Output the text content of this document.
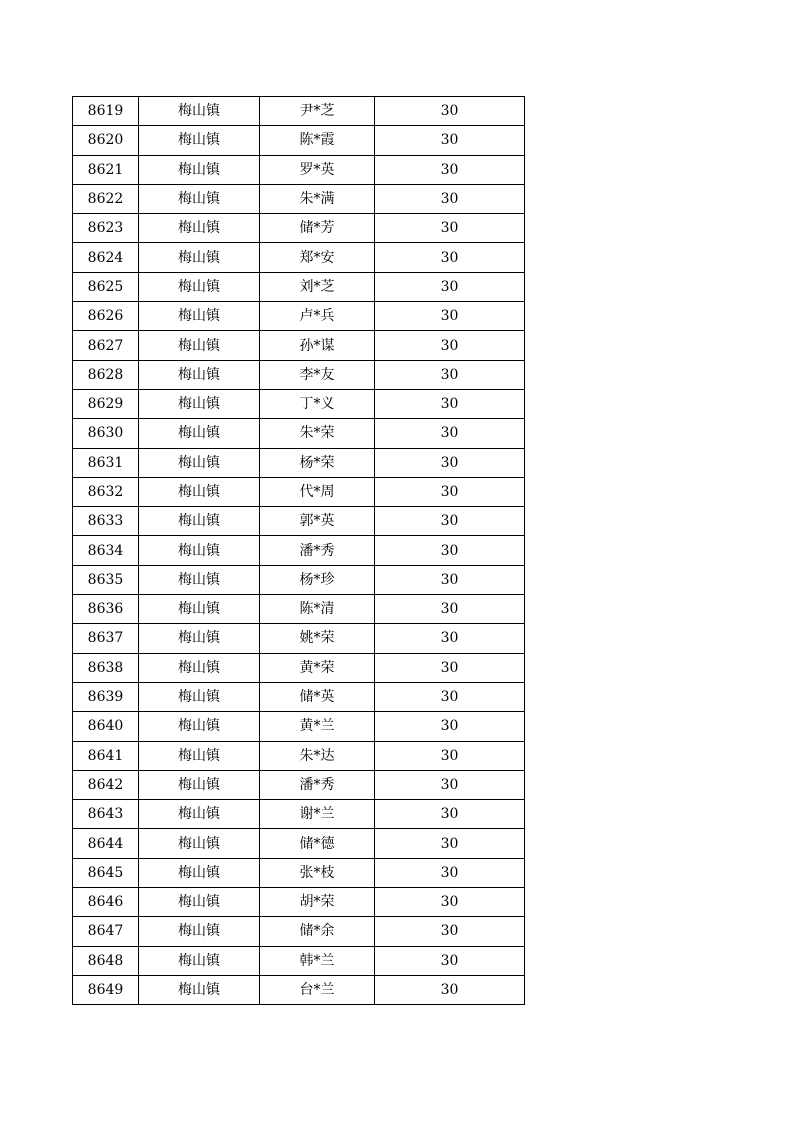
8619	梅山镇	尹*芝	30
8620	梅山镇	陈*霞	30
8621	梅山镇	罗*英	30
8622	梅山镇	朱*满	30
8623	梅山镇	储*芳	30
8624	梅山镇	郑*安	30
8625	梅山镇	刘*芝	30
8626	梅山镇	卢*兵	30
8627	梅山镇	孙*谋	30
8628	梅山镇	李*友	30
8629	梅山镇	丁*义	30
8630	梅山镇	朱*荣	30
8631	梅山镇	杨*荣	30
8632	梅山镇	代*周	30
8633	梅山镇	郭*英	30
8634	梅山镇	潘*秀	30
8635	梅山镇	杨*珍	30
8636	梅山镇	陈*清	30
8637	梅山镇	姚*荣	30
8638	梅山镇	黄*荣	30
8639	梅山镇	储*英	30
8640	梅山镇	黄*兰	30
8641	梅山镇	朱*达	30
8642	梅山镇	潘*秀	30
8643	梅山镇	谢*兰	30
8644	梅山镇	储*德	30
8645	梅山镇	张*枝	30
8646	梅山镇	胡*荣	30
8647	梅山镇	储*余	30
8648	梅山镇	韩*兰	30
8649	梅山镇	台*兰	30
